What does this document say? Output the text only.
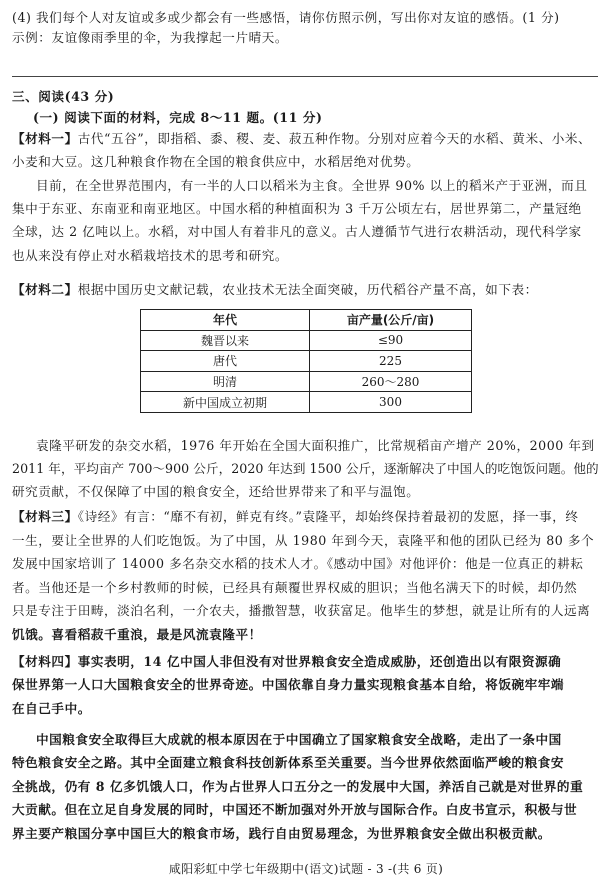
(4) 我们每个人对友谊或多或少都会有一些感悟，请你仿照示例，写出你对友谊的感悟。(1 分)
示例：友谊像雨季里的伞，为我撑起一片晴天。
三、阅读(43 分)
(一) 阅读下面的材料，完成 8～11 题。(11 分)
【材料一】古代“五谷”，即指稻、黍、稷、麦、菽五种作物。分别对应着今天的水稻、黄米、小米、
小麦和大豆。这几种粮食作物在全国的粮食供应中，水稻居绝对优势。
目前，在全世界范围内，有一半的人口以稻米为主食。全世界 90% 以上的稻米产于亚洲，而且
集中于东亚、东南亚和南亚地区。中国水稻的种植面积为 3 千万公顷左右，居世界第二，产量冠绝
全球，达 2 亿吨以上。水稻，对中国人有着非凡的意义。古人遵循节气进行农耕活动，现代科学家
也从来没有停止对水稻栽培技术的思考和研究。
【材料二】根据中国历史文献记载，农业技术无法全面突破，历代稻谷产量不高，如下表：
年代	亩产量(公斤/亩)
魏晋以来	≤90
唐代	225
明清	260～280
新中国成立初期	300
袁隆平研发的杂交水稻，1976 年开始在全国大面积推广，比常规稻亩产增产 20%，2000 年到
2011 年，平均亩产 700～900 公斤，2020 年达到 1500 公斤，逐渐解决了中国人的吃饱饭问题。他的
研究贡献，不仅保障了中国的粮食安全，还给世界带来了和平与温饱。
【材料三】《诗经》有言：“靡不有初，鲜克有终。”袁隆平，却始终保持着最初的发愿，择一事，终
一生，要让全世界的人们吃饱饭。为了中国，从 1980 年到今天，袁隆平和他的团队已经为 80 多个
发展中国家培训了 14000 多名杂交水稻的技术人才。《感动中国》对他评价：他是一位真正的耕耘
者。当他还是一个乡村教师的时候，已经具有颠覆世界权威的胆识；当他名满天下的时候，却仍然
只是专注于田畴，淡泊名利，一介农夫，播撒智慧，收获富足。他毕生的梦想，就是让所有的人远离
饥饿。喜看稻菽千重浪，最是风流袁隆平！
【材料四】事实表明，14 亿中国人非但没有对世界粮食安全造成威胁，还创造出以有限资源确
保世界第一人口大国粮食安全的世界奇迹。中国依靠自身力量实现粮食基本自给，将饭碗牢牢端
在自己手中。
中国粮食安全取得巨大成就的根本原因在于中国确立了国家粮食安全战略，走出了一条中国
特色粮食安全之路。其中全面建立粮食科技创新体系至关重要。当今世界依然面临严峻的粮食安
全挑战，仍有 8 亿多饥饿人口，作为占世界人口五分之一的发展中大国，养活自己就是对世界的重
大贡献。但在立足自身发展的同时，中国还不断加强对外开放与国际合作。白皮书宣示，积极与世
界主要产粮国分享中国巨大的粮食市场，践行自由贸易理念，为世界粮食安全做出积极贡献。
咸阳彩虹中学七年级期中(语文)试题 - 3 -(共 6 页)
